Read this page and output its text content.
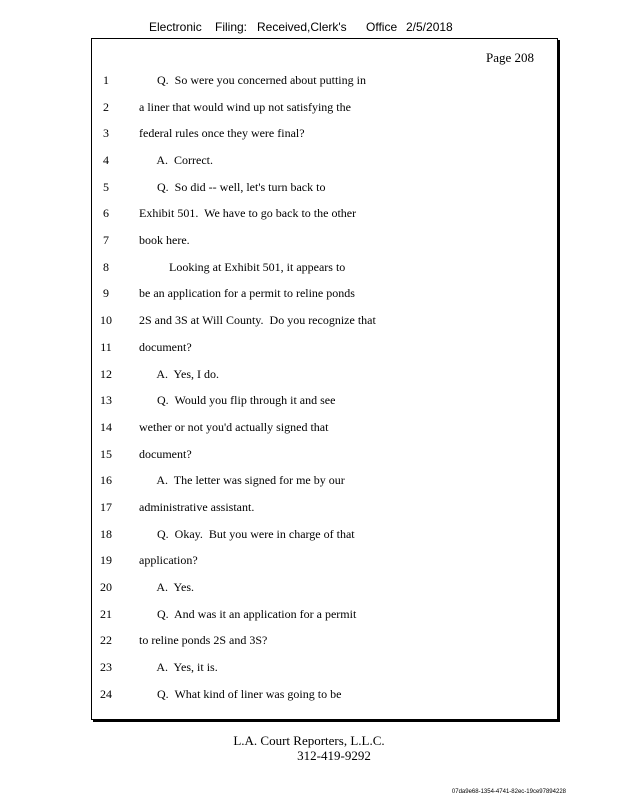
Electronic

Filing:

Received,Clerk's

Office

2/5/2018

Page 208
1	Q.  So were you concerned about putting in
2	a liner that would wind up not satisfying the
3	federal rules once they were final?
4	A.  Correct.
5	Q.  So did -- well, let's turn back to
6	Exhibit 501.  We have to go back to the other
7	book here.
8	Looking at Exhibit 501, it appears to
9	be an application for a permit to reline ponds
10	2S and 3S at Will County.  Do you recognize that
11	document?
12	A.  Yes, I do.
13	Q.  Would you flip through it and see
14	wether or not you'd actually signed that
15	document?
16	A.  The letter was signed for me by our
17	administrative assistant.
18	Q.  Okay.  But you were in charge of that
19	application?
20	A.  Yes.
21	Q.  And was it an application for a permit
22	to reline ponds 2S and 3S?
23	A.  Yes, it is.
24	Q.  What kind of liner was going to be
L.A. Court Reporters, L.L.C.
312-419-9292
07da9e68-1354-4741-82ec-19ce97894228
